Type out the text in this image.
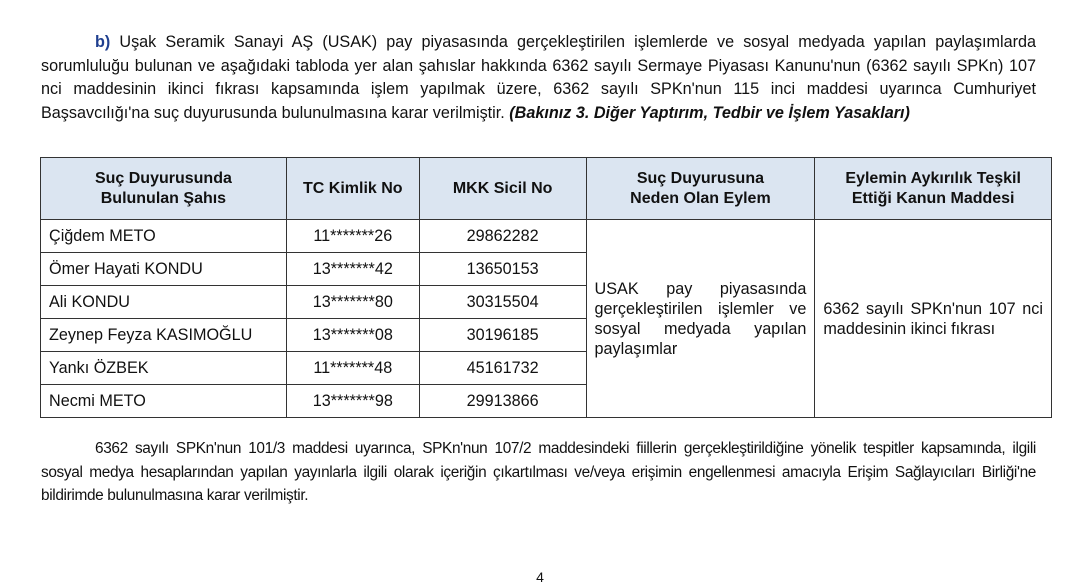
b) Uşak Seramik Sanayi AŞ (USAK) pay piyasasında gerçekleştirilen işlemlerde ve sosyal medyada yapılan paylaşımlarda sorumluluğu bulunan ve aşağıdaki tabloda yer alan şahıslar hakkında 6362 sayılı Sermaye Piyasası Kanunu'nun (6362 sayılı SPKn) 107 nci maddesinin ikinci fıkrası kapsamında işlem yapılmak üzere, 6362 sayılı SPKn'nun 115 inci maddesi uyarınca Cumhuriyet Başsavcılığı'na suç duyurusunda bulunulmasına karar verilmiştir. (Bakınız 3. Diğer Yaptırım, Tedbir ve İşlem Yasakları)

Suç Duyurusunda Bulunulan Şahıs	TC Kimlik No	MKK Sicil No	Suç Duyurusuna Neden Olan Eylem	Eylemin Aykırılık Teşkil Ettiği Kanun Maddesi
Çiğdem METO	11*******26	29862282	USAK pay piyasasında gerçekleştirilen işlemler ve sosyal medyada yapılan paylaşımlar	6362 sayılı SPKn'nun 107 nci maddesinin ikinci fıkrası
Ömer Hayati KONDU	13*******42	13650153		
Ali KONDU	13*******80	30315504		
Zeynep Feyza KASIMOĞLU	13*******08	30196185		
Yankı ÖZBEK	11*******48	45161732		
Necmi METO	13*******98	29913866		

6362 sayılı SPKn'nun 101/3 maddesi uyarınca, SPKn'nun 107/2 maddesindeki fiillerin gerçekleştirildiğine yönelik tespitler kapsamında, ilgili sosyal medya hesaplarından yapılan yayınlarla ilgili olarak içeriğin çıkartılması ve/veya erişimin engellenmesi amacıyla Erişim Sağlayıcıları Birliği'ne bildirimde bulunulmasına karar verilmiştir.

4
